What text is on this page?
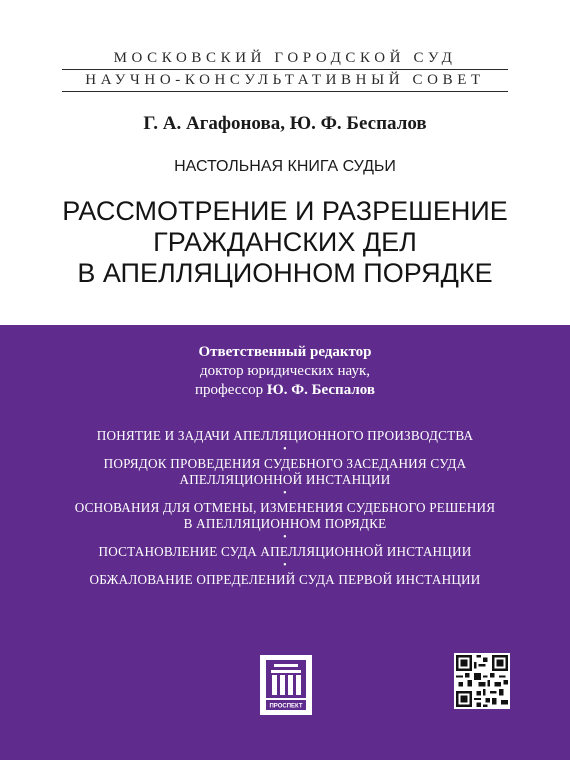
МОСКОВСКИЙ ГОРОДСКОЙ СУД
НАУЧНО-КОНСУЛЬТАТИВНЫЙ СОВЕТ
Г. А. Агафонова, Ю. Ф. Беспалов
НАСТОЛЬНАЯ КНИГА СУДЬИ
РАССМОТРЕНИЕ И РАЗРЕШЕНИЕ
ГРАЖДАНСКИХ ДЕЛ
В АПЕЛЛЯЦИОННОМ ПОРЯДКЕ
Ответственный редактор
доктор юридических наук,
профессор Ю. Ф. Беспалов
ПОНЯТИЕ И ЗАДАЧИ АПЕЛЛЯЦИОННОГО ПРОИЗВОДСТВА
•
ПОРЯДОК ПРОВЕДЕНИЯ СУДЕБНОГО ЗАСЕДАНИЯ СУДА
АПЕЛЛЯЦИОННОЙ ИНСТАНЦИИ
•
ОСНОВАНИЯ ДЛЯ ОТМЕНЫ, ИЗМЕНЕНИЯ СУДЕБНОГО РЕШЕНИЯ
В АПЕЛЛЯЦИОННОМ ПОРЯДКЕ
•
ПОСТАНОВЛЕНИЕ СУДА АПЕЛЛЯЦИОННОЙ ИНСТАНЦИИ
•
ОБЖАЛОВАНИЕ ОПРЕДЕЛЕНИЙ СУДА ПЕРВОЙ ИНСТАНЦИИ
ПРОСПЕКТ
